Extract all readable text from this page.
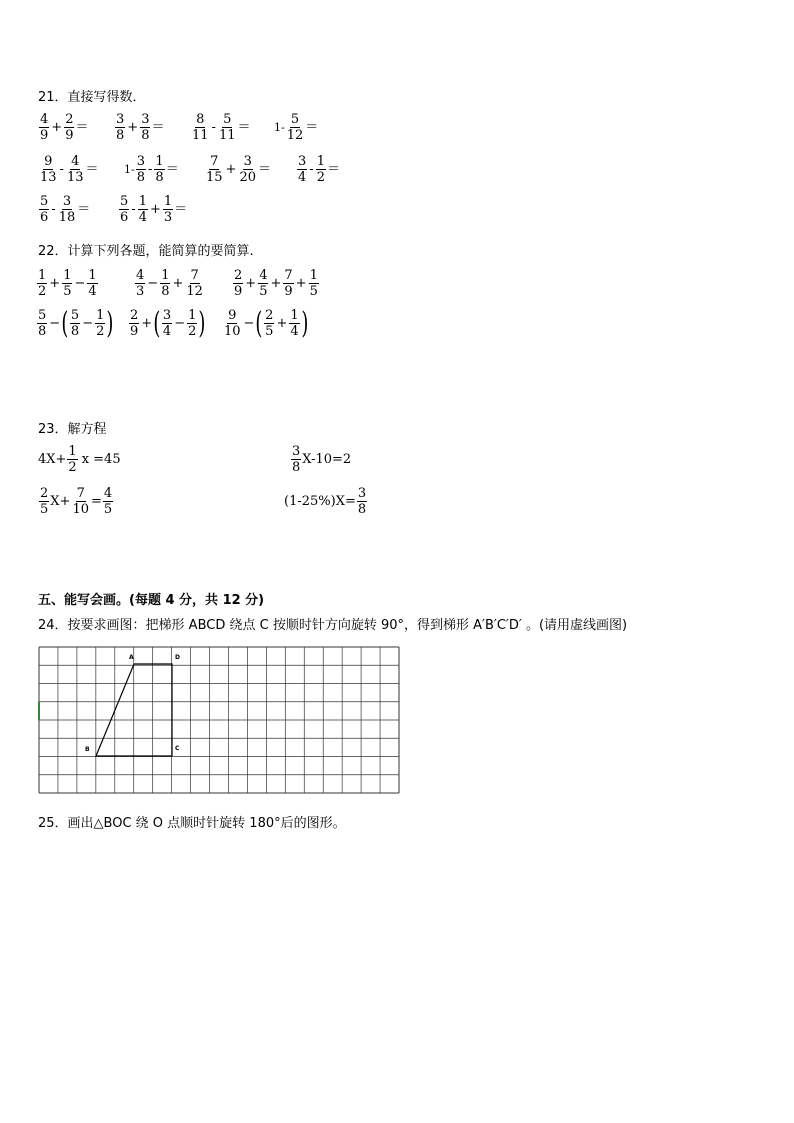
21．直接写得数．
$\frac{4}{9} + \frac{2}{9} = \frac{3}{8} + \frac{3}{8} = \frac{8}{11} - \frac{5}{11} = 1- \frac{5}{12}$ ＝
$\frac{9}{13} - \frac{4}{13} = 1- \frac{3}{8} - \frac{1}{8} = \frac{7}{15} + \frac{3}{20} = \frac{3}{4} - \frac{1}{2}$ ＝
$\frac{5}{6} - \frac{3}{18} = \frac{5}{6} - \frac{1}{4} + \frac{1}{3}$ ＝
22．计算下列各题，能简算的要简算.
$\frac{1}{2} + \frac{1}{5} - \frac{1}{4}$	$\frac{4}{3} - \frac{1}{8} + \frac{7}{12} \frac{2}{9} + \frac{4}{5} + \frac{7}{9} + \frac{1}{5}$
$\frac{5}{8}$ − ( $\frac{5}{8} - \frac{1}{2}$ ) $\frac{2}{9}$ + ( $\frac{3}{4} - \frac{1}{2}$ ) $\frac{9}{10}$ − ( $\frac{2}{5} + \frac{1}{4}$ )
23．解方程
$4X+ \frac{1}{2}$ x =45	$\frac{3}{8} X-10=2$
$\frac{2}{5} X+ \frac{7}{10} = \frac{4}{5}$	$(1-25\%)X= \frac{3}{8}$
五、能写会画。(每题 4 分，共 12 分)
24．按要求画图：把梯形 ABCD 绕点 C 按顺时针方向旋转 90°，得到梯形 A′B′C′D′ 。(请用虚线画图)
A	D
B	C
25．画出△BOC 绕 O 点顺时针旋转 180°后的图形。
